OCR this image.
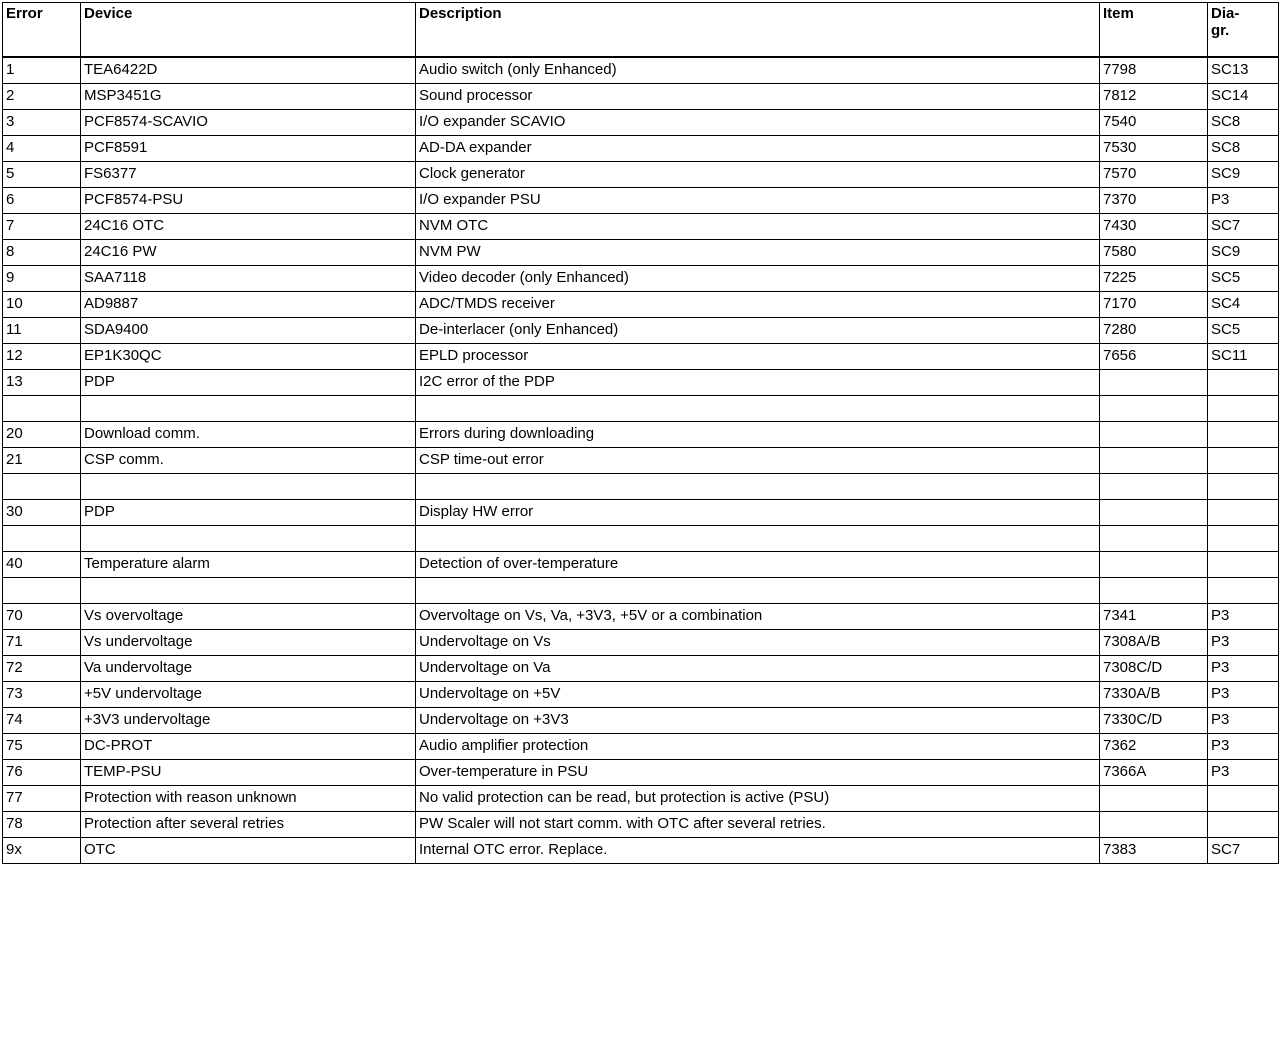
Error	Device	Description	Item	Dia-
gr.
1	TEA6422D	Audio switch (only Enhanced)	7798	SC13
2	MSP3451G	Sound processor	7812	SC14
3	PCF8574-SCAVIO	I/O expander SCAVIO	7540	SC8
4	PCF8591	AD-DA expander	7530	SC8
5	FS6377	Clock generator	7570	SC9
6	PCF8574-PSU	I/O expander PSU	7370	P3
7	24C16 OTC	NVM OTC	7430	SC7
8	24C16 PW	NVM PW	7580	SC9
9	SAA7118	Video decoder (only Enhanced)	7225	SC5
10	AD9887	ADC/TMDS receiver	7170	SC4
11	SDA9400	De-interlacer (only Enhanced)	7280	SC5
12	EP1K30QC	EPLD processor	7656	SC11
13	PDP	I2C error of the PDP		

20	Download comm.	Errors during downloading		
21	CSP comm.	CSP time-out error		

30	PDP	Display HW error		

40	Temperature alarm	Detection of over-temperature		

70	Vs overvoltage	Overvoltage on Vs, Va, +3V3, +5V or a combination	7341	P3
71	Vs undervoltage	Undervoltage on Vs	7308A/B	P3
72	Va undervoltage	Undervoltage on Va	7308C/D	P3
73	+5V undervoltage	Undervoltage on +5V	7330A/B	P3
74	+3V3 undervoltage	Undervoltage on +3V3	7330C/D	P3
75	DC-PROT	Audio amplifier protection	7362	P3
76	TEMP-PSU	Over-temperature in PSU	7366A	P3
77	Protection with reason unknown	No valid protection can be read, but protection is active (PSU)		
78	Protection after several retries	PW Scaler will not start comm. with OTC after several retries.		
9x	OTC	Internal OTC error. Replace.	7383	SC7
